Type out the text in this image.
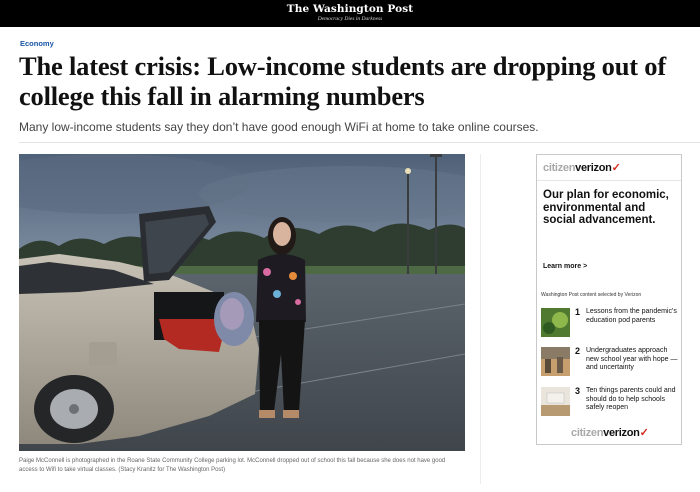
The Washington Post
Democracy Dies in Darkness
Economy
The latest crisis: Low-income students are dropping out of college this fall in alarming numbers
Many low-income students say they don’t have good enough WiFi at home to take online courses.
Paige McConnell is photographed in the Roane State Community College parking lot. McConnell dropped out of school this fall because she does not have good access to Wifi to take virtual classes. (Stacy Kranitz for The Washington Post)
citizenverizon✓
Our plan for economic, environmental and social advancement.
Learn more >
Washington Post content selected by Verizon
1 Lessons from the pandemic's education pod parents
2 Undergraduates approach new school year with hope — and uncertainty
3 Ten things parents could and should do to help schools safely reopen
citizenverizon✓
